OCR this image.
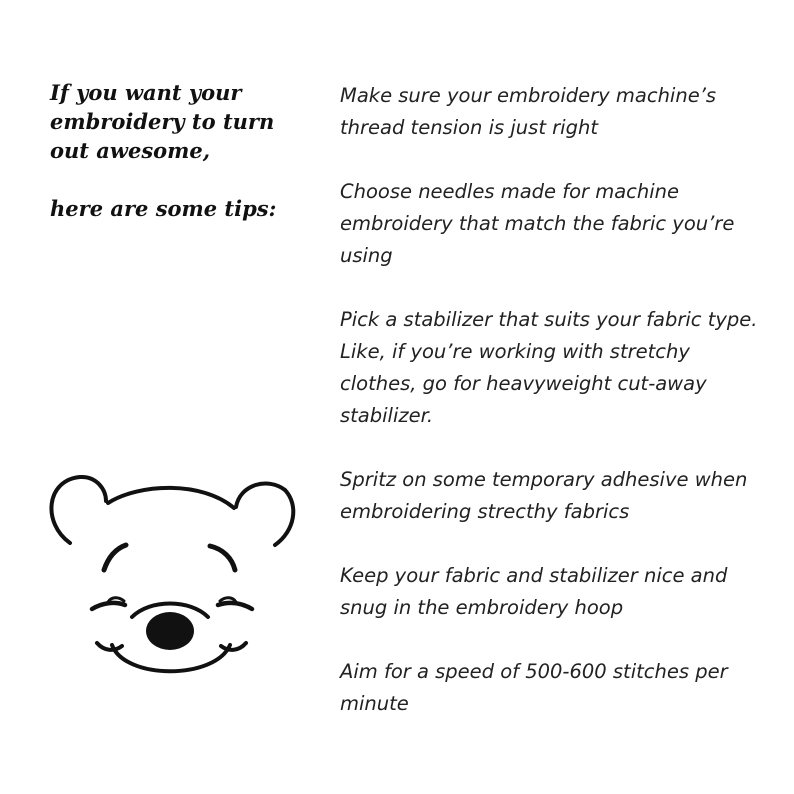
If you want your embroidery to turn out awesome,

here are some tips:

Make sure your embroidery machine’s thread tension is just right
Choose needles made for machine embroidery that match the fabric you’re using
Pick a stabilizer that suits your fabric type. Like, if you’re working with stretchy clothes, go for heavyweight cut-away stabilizer.
Spritz on some temporary adhesive when embroidering strecthy fabrics
Keep your fabric and stabilizer nice and snug in the embroidery hoop
Aim for a speed of 500-600 stitches per minute
